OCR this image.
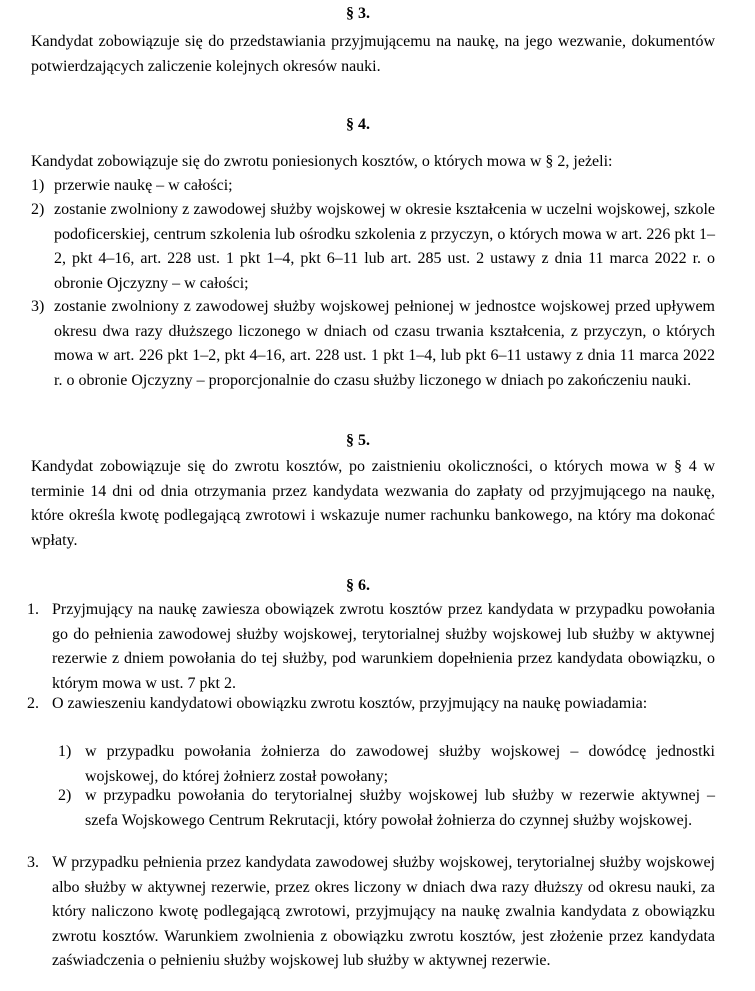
§ 3.

Kandydat zobowiązuje się do przedstawiania przyjmującemu na naukę, na jego wezwanie, dokumentów potwierdzających zaliczenie kolejnych okresów nauki.

§ 4.

Kandydat zobowiązuje się do zwrotu poniesionych kosztów, o których mowa w § 2, jeżeli:

1) przerwie naukę – w całości;

2) zostanie zwolniony z zawodowej służby wojskowej w okresie kształcenia w uczelni wojskowej, szkole podoficerskiej, centrum szkolenia lub ośrodku szkolenia z przyczyn, o których mowa w art. 226 pkt 1–2, pkt 4–16, art. 228 ust. 1 pkt 1–4, pkt 6–11 lub art. 285 ust. 2 ustawy z dnia 11 marca 2022 r. o obronie Ojczyzny – w całości;

3) zostanie zwolniony z zawodowej służby wojskowej pełnionej w jednostce wojskowej przed upływem okresu dwa razy dłuższego liczonego w dniach od czasu trwania kształcenia, z przyczyn, o których mowa w art. 226 pkt 1–2, pkt 4–16, art. 228 ust. 1 pkt 1–4, lub pkt 6–11 ustawy z dnia 11 marca 2022 r. o obronie Ojczyzny – proporcjonalnie do czasu służby liczonego w dniach po zakończeniu nauki.

§ 5.

Kandydat zobowiązuje się do zwrotu kosztów, po zaistnieniu okoliczności, o których mowa w § 4 w terminie 14 dni od dnia otrzymania przez kandydata wezwania do zapłaty od przyjmującego na naukę, które określa kwotę podlegającą zwrotowi i wskazuje numer rachunku bankowego, na który ma dokonać wpłaty.

§ 6.
1. Przyjmujący na naukę zawiesza obowiązek zwrotu kosztów przez kandydata w przypadku powołania go do pełnienia zawodowej służby wojskowej, terytorialnej służby wojskowej lub służby w aktywnej rezerwie z dniem powołania do tej służby, pod warunkiem dopełnienia przez kandydata obowiązku, o którym mowa w ust. 7 pkt 2.

2. O zawieszeniu kandydatowi obowiązku zwrotu kosztów, przyjmujący na naukę powiadamia:

1) w przypadku powołania żołnierza do zawodowej służby wojskowej – dowódcę jednostki wojskowej, do której żołnierz został powołany;

2) w przypadku powołania do terytorialnej służby wojskowej lub służby w rezerwie aktywnej – szefa Wojskowego Centrum Rekrutacji, który powołał żołnierza do czynnej służby wojskowej.

3. W przypadku pełnienia przez kandydata zawodowej służby wojskowej, terytorialnej służby wojskowej albo służby w aktywnej rezerwie, przez okres liczony w dniach dwa razy dłuższy od okresu nauki, za który naliczono kwotę podlegającą zwrotowi, przyjmujący na naukę zwalnia kandydata z obowiązku zwrotu kosztów. Warunkiem zwolnienia z obowiązku zwrotu kosztów, jest złożenie przez kandydata zaświadczenia o pełnieniu służby wojskowej lub służby w aktywnej rezerwie.
